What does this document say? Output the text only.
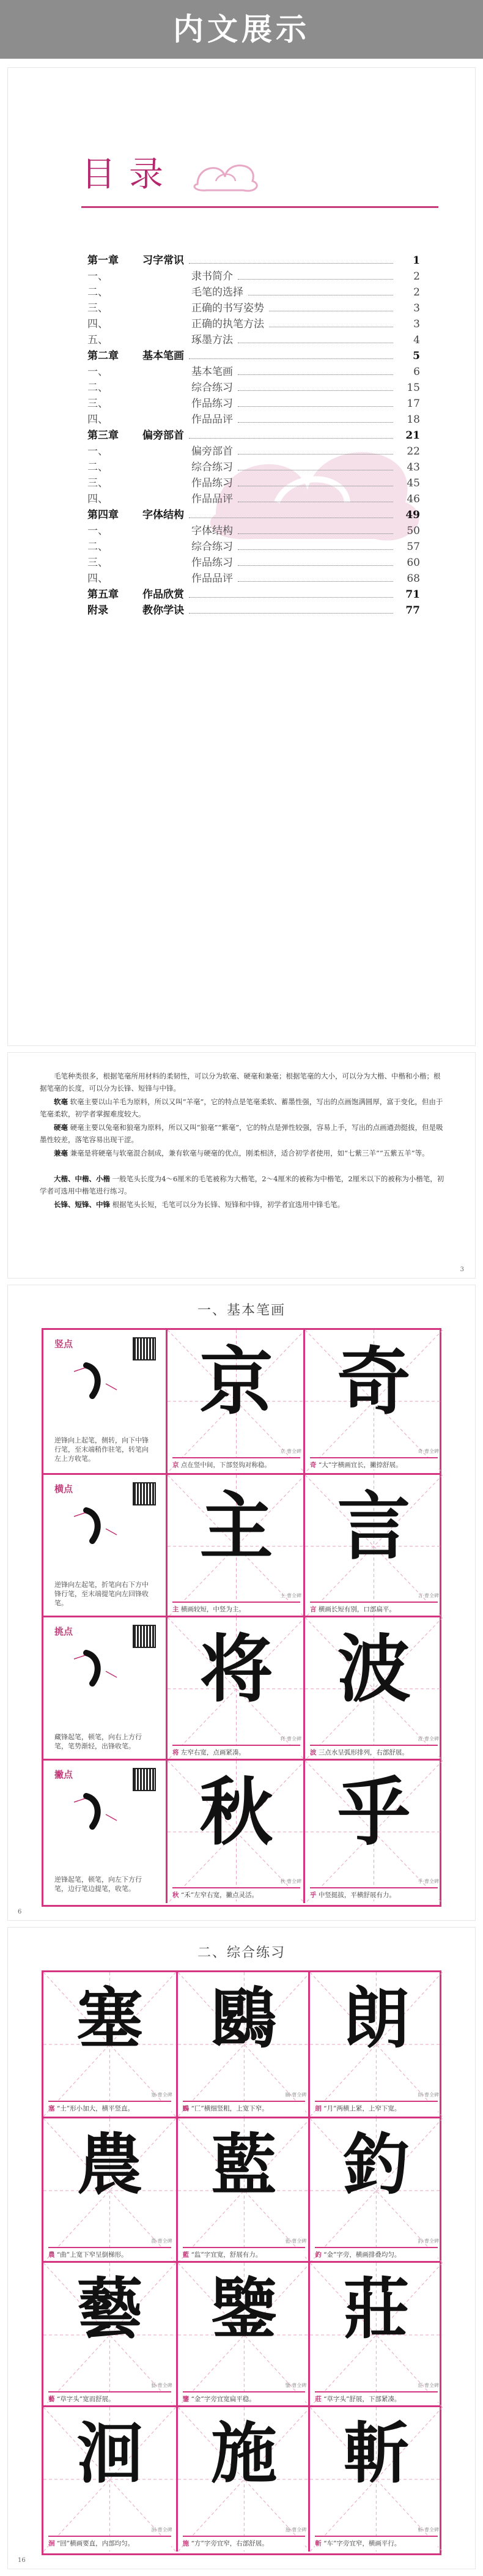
内文展示
目录
第一章	习字常识	1
一、	隶书简介	2
二、	毛笔的选择	2
三、	正确的书写姿势	3
四、	正确的执笔方法	3
五、	琢墨方法	4
第二章	基本笔画	5
一、	基本笔画	6
二、	综合练习	15
三、	作品练习	17
四、	作品品评	18
第三章	偏旁部首	21
一、	偏旁部首	22
二、	综合练习	43
三、	作品练习	45
四、	作品品评	46
第四章	字体结构	49
一、	字体结构	50
二、	综合练习	57
三、	作品练习	60
四、	作品品评	68
第五章	作品欣赏	71
附录	教你学诀	77
毛笔种类很多，根据笔毫所用材料的柔韧性，可以分为软毫、硬毫和兼毫；根据笔毫的大小，可以分为大楷、中楷和小楷；根据笔毫的长度，可以分为长锋、短锋与中锋。
软毫 软毫主要以山羊毛为原料，所以又叫“羊毫”，它的特点是笔毫柔软、蓄墨性强，写出的点画饱满圆厚，富于变化，但由于笔毫柔软，初学者掌握难度较大。
硬毫 硬毫主要以兔毫和狼毫为原料，所以又叫“狼毫”“紫毫”，它的特点是弹性较强，容易上手，写出的点画遒劲挺拔，但是吸墨性较差，落笔容易出现干涩。
兼毫 兼毫是将硬毫与软毫混合制成，兼有软毫与硬毫的优点，刚柔相济，适合初学者使用，如“七紫三羊”“五紫五羊”等。
大楷、中楷、小楷 一般笔头长度为4～6厘米的毛笔被称为大楷笔，2～4厘米的被称为中楷笔，2厘米以下的被称为小楷笔，初学者可选用中楷笔进行练习。
长锋、短锋、中锋 根据笔头长短，毛笔可以分为长锋、短锋和中锋，初学者宜选用中锋毛笔。
3
一、基本笔画
竖点
逆锋向上起笔，侧转，向下中锋行笔，至末端稍作驻笔，转笔向左上方收笔。
京
京·曹全碑
京 点在竖中间，下部竖钩对称稳。
奇
奇·曹全碑
奇 “大”字横画宜长，撇捺舒展。
横点
逆锋向左起笔，折笔向右下方中锋行笔，至末端提笔向左回锋收笔。
主
主·曹全碑
主 横画较短，中竖为主。
言
言·曹全碑
言 横画长短有别，口部扁平。
挑点
藏锋起笔，顿笔，向右上方行笔，笔势渐轻，出锋收笔。
将
将·曹全碑
将 左窄右宽，点画紧凑。
波
波·曹全碑
波 三点水呈弧形排列，右部舒展。
撇点
逆锋起笔，顿笔，向左下方行笔，边行笔边提笔，收笔。
秋
秋·曹全碑
秋 “禾”左窄右宽，撇点灵活。
乎
乎·曹全碑
乎 中竖挺拔，平横舒展有力。
6
二、综合练习
塞
塞·曹全碑
塞 “土”形小加大，横平竖直。
鶠
鶠·曹全碑
鶠 “匸”横细竖粗，上宽下窄。
朗
朗·曹全碑
朗 “月”两横上紧，上窄下宽。
農
農·曹全碑
農 “曲”上宽下窄呈倒梯形。
藍
藍·曹全碑
藍 “监”字宜宽，舒展有力。
釣
釣·曹全碑
釣 “金”字旁，横画排叠均匀。
藝
藝·曹全碑
藝 “草字头”宽而舒展。
鑒
鑒·曹全碑
鑒 “金”字旁宜宽扁平稳。
莊
莊·曹全碑
莊 “草字头”舒展，下部紧凑。
洄
洄·曹全碑
洄 “回”横画要直，内部均匀。
施
施·曹全碑
施 “方”字旁宜窄，右部舒展。
斬
斬·曹全碑
斬 “车”字旁宜窄，横画平行。
16
